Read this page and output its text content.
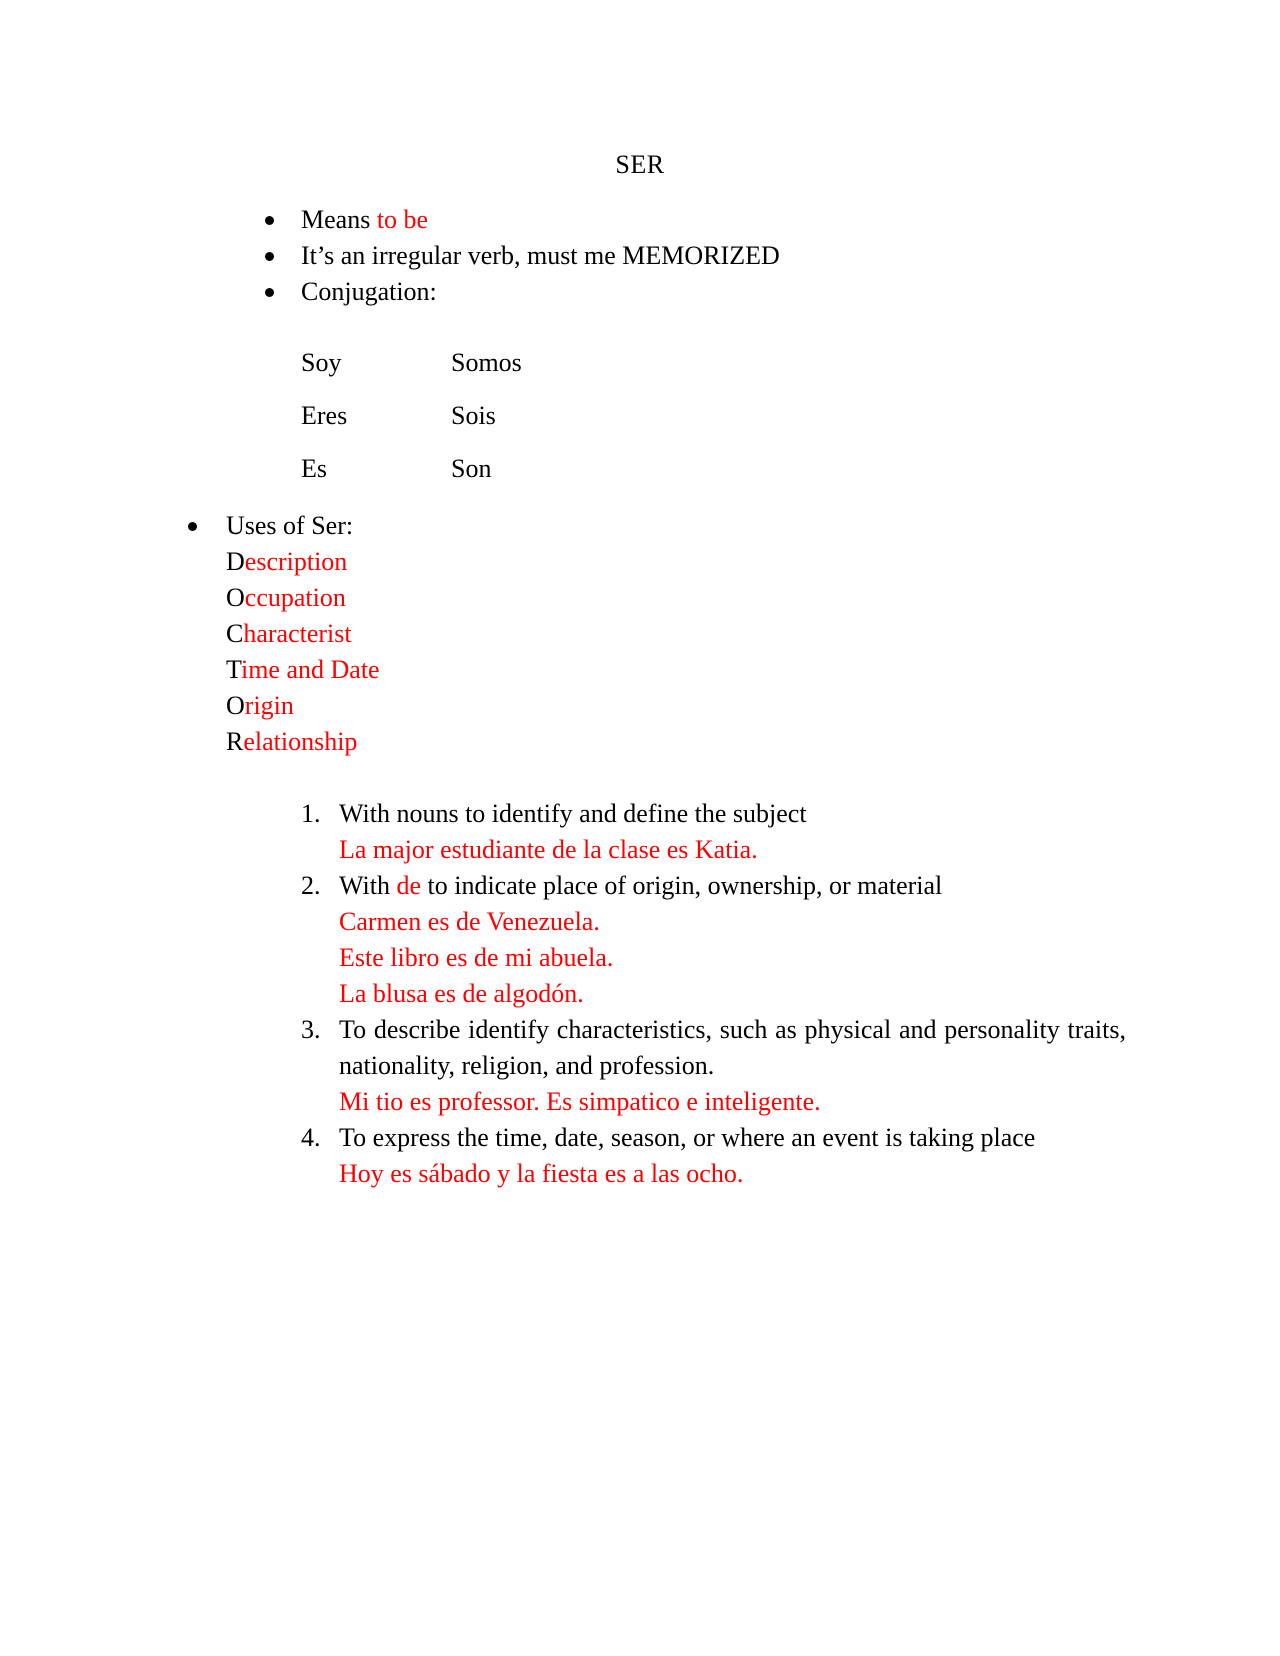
SER
Means to be
It’s an irregular verb, must me MEMORIZED
Conjugation:
Soy	Somos
Eres	Sois
Es	Son
Uses of Ser:
Description
Occupation
Characterist
Time and Date
Origin
Relationship
1. With nouns to identify and define the subject
La major estudiante de la clase es Katia.
2. With de to indicate place of origin, ownership, or material
Carmen es de Venezuela.
Este libro es de mi abuela.
La blusa es de algodón.
3. To describe identify characteristics, such as physical and personality traits, nationality, religion, and profession.
Mi tio es professor. Es simpatico e inteligente.
4. To express the time, date, season, or where an event is taking place
Hoy es sábado y la fiesta es a las ocho.
